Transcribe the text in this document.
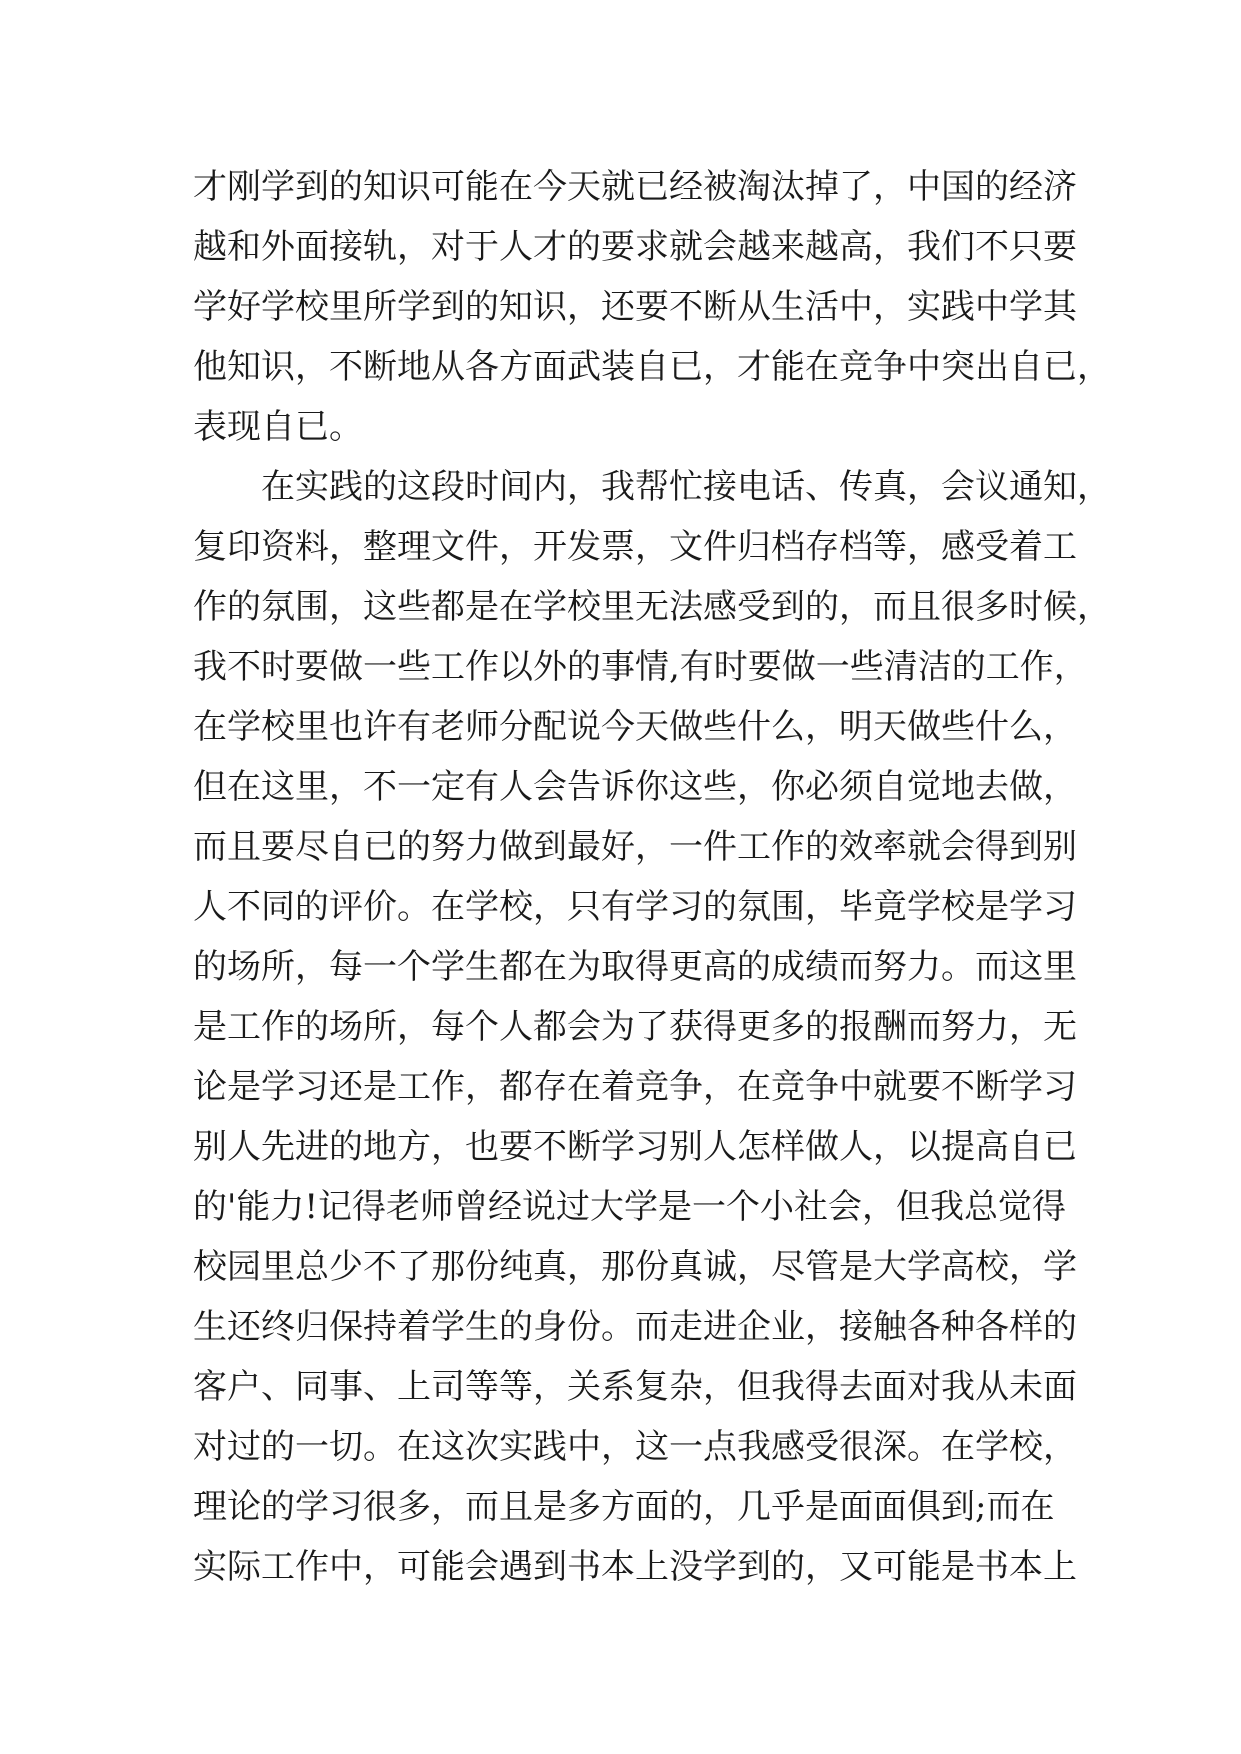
才刚学到的知识可能在今天就已经被淘汰掉了，中国的经济
越和外面接轨，对于人才的要求就会越来越高，我们不只要
学好学校里所学到的知识，还要不断从生活中，实践中学其
他知识，不断地从各方面武装自已，才能在竞争中突出自已，
表现自已。
在实践的这段时间内，我帮忙接电话、传真，会议通知，
复印资料，整理文件，开发票，文件归档存档等，感受着工
作的氛围，这些都是在学校里无法感受到的，而且很多时候，
我不时要做一些工作以外的事情,有时要做一些清洁的工作，
在学校里也许有老师分配说今天做些什么，明天做些什么，
但在这里，不一定有人会告诉你这些，你必须自觉地去做，
而且要尽自已的努力做到最好，一件工作的效率就会得到别
人不同的评价。在学校，只有学习的氛围，毕竟学校是学习
的场所，每一个学生都在为取得更高的成绩而努力。而这里
是工作的场所，每个人都会为了获得更多的报酬而努力，无
论是学习还是工作，都存在着竞争，在竞争中就要不断学习
别人先进的地方，也要不断学习别人怎样做人，以提高自已
的'能力!记得老师曾经说过大学是一个小社会，但我总觉得
校园里总少不了那份纯真，那份真诚，尽管是大学高校，学
生还终归保持着学生的身份。而走进企业，接触各种各样的
客户、同事、上司等等，关系复杂，但我得去面对我从未面
对过的一切。在这次实践中，这一点我感受很深。在学校，
理论的学习很多，而且是多方面的，几乎是面面俱到;而在
实际工作中，可能会遇到书本上没学到的，又可能是书本上
